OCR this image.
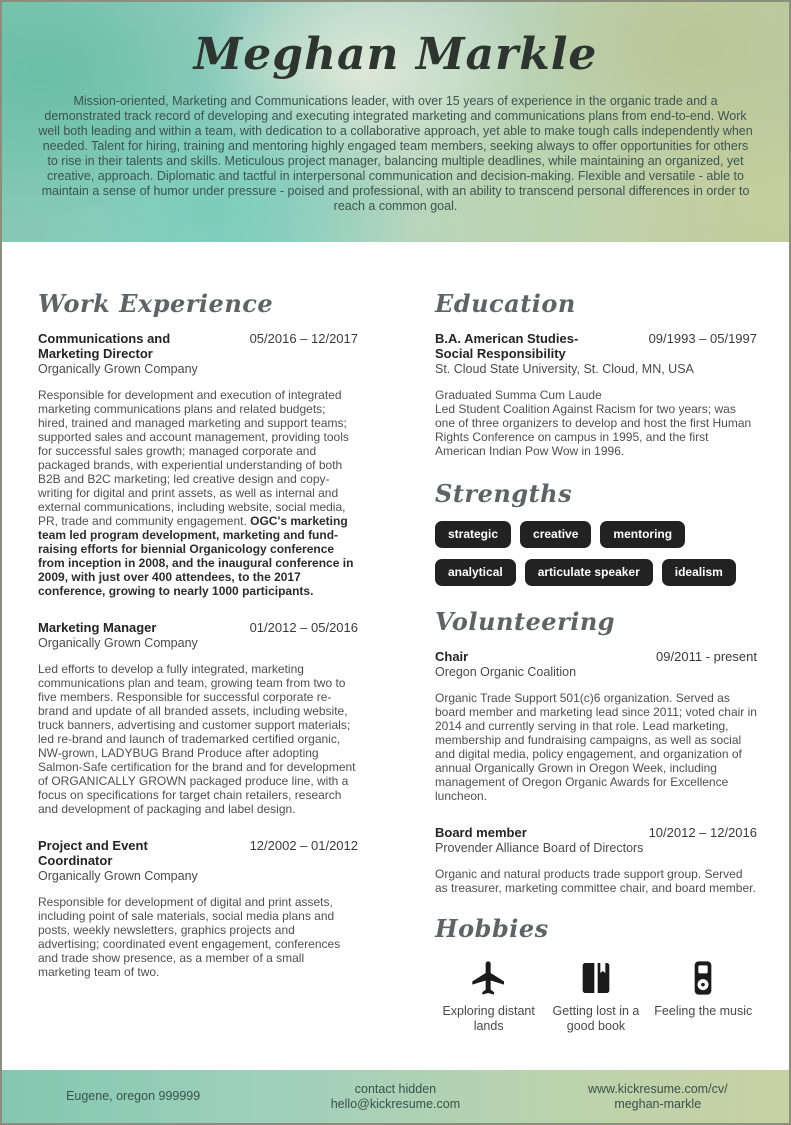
Meghan Markle
Mission-oriented, Marketing and Communications leader, with over 15 years of experience in the organic trade and a demonstrated track record of developing and executing integrated marketing and communications plans from end-to-end. Work well both leading and within a team, with dedication to a collaborative approach, yet able to make tough calls independently when needed. Talent for hiring, training and mentoring highly engaged team members, seeking always to offer opportunities for others to rise in their talents and skills. Meticulous project manager, balancing multiple deadlines, while maintaining an organized, yet creative, approach. Diplomatic and tactful in interpersonal communication and decision-making. Flexible and versatile - able to maintain a sense of humor under pressure - poised and professional, with an ability to transcend personal differences in order to reach a common goal.
Work Experience
Communications and Marketing Director
05/2016 – 12/2017
Organically Grown Company
Responsible for development and execution of integrated marketing communications plans and related budgets; hired, trained and managed marketing and support teams; supported sales and account management, providing tools for successful sales growth; managed corporate and packaged brands, with experiential understanding of both B2B and B2C marketing; led creative design and copy-writing for digital and print assets, as well as internal and external communications, including website, social media, PR, trade and community engagement. OGC's marketing team led program development, marketing and fund-raising efforts for biennial Organicology conference from inception in 2008, and the inaugural conference in 2009, with just over 400 attendees, to the 2017 conference, growing to nearly 1000 participants.
Marketing Manager	01/2012 – 05/2016
Organically Grown Company
Led efforts to develop a fully integrated, marketing communications plan and team, growing team from two to five members. Responsible for successful corporate re-brand and update of all branded assets, including website, truck banners, advertising and customer support materials; led re-brand and launch of trademarked certified organic, NW-grown, LADYBUG Brand Produce after adopting Salmon-Safe certification for the brand and for development of ORGANICALLY GROWN packaged produce line, with a focus on specifications for target chain retailers, research and development of packaging and label design.
Project and Event Coordinator
12/2002 – 01/2012
Organically Grown Company
Responsible for development of digital and print assets, including point of sale materials, social media plans and posts, weekly newsletters, graphics projects and advertising; coordinated event engagement, conferences and trade show presence, as a member of a small marketing team of two.
Education
B.A. American Studies-Social Responsibility
09/1993 – 05/1997
St. Cloud State University, St. Cloud, MN, USA
Graduated Summa Cum Laude
Led Student Coalition Against Racism for two years; was one of three organizers to develop and host the first Human Rights Conference on campus in 1995, and the first American Indian Pow Wow in 1996.
Strengths
strategic	creative	mentoring
analytical	articulate speaker	idealism
Volunteering
Chair	09/2011 - present
Oregon Organic Coalition
Organic Trade Support 501(c)6 organization. Served as board member and marketing lead since 2011; voted chair in 2014 and currently serving in that role. Lead marketing, membership and fundraising campaigns, as well as social and digital media, policy engagement, and organization of annual Organically Grown in Oregon Week, including management of Oregon Organic Awards for Excellence luncheon.
Board member	10/2012 – 12/2016
Provender Alliance Board of Directors
Organic and natural products trade support group. Served as treasurer, marketing committee chair, and board member.
Hobbies
Exploring distant lands
Getting lost in a good book
Feeling the music
Eugene, oregon 999999
contact hidden
hello@kickresume.com
www.kickresume.com/cv/
meghan-markle
